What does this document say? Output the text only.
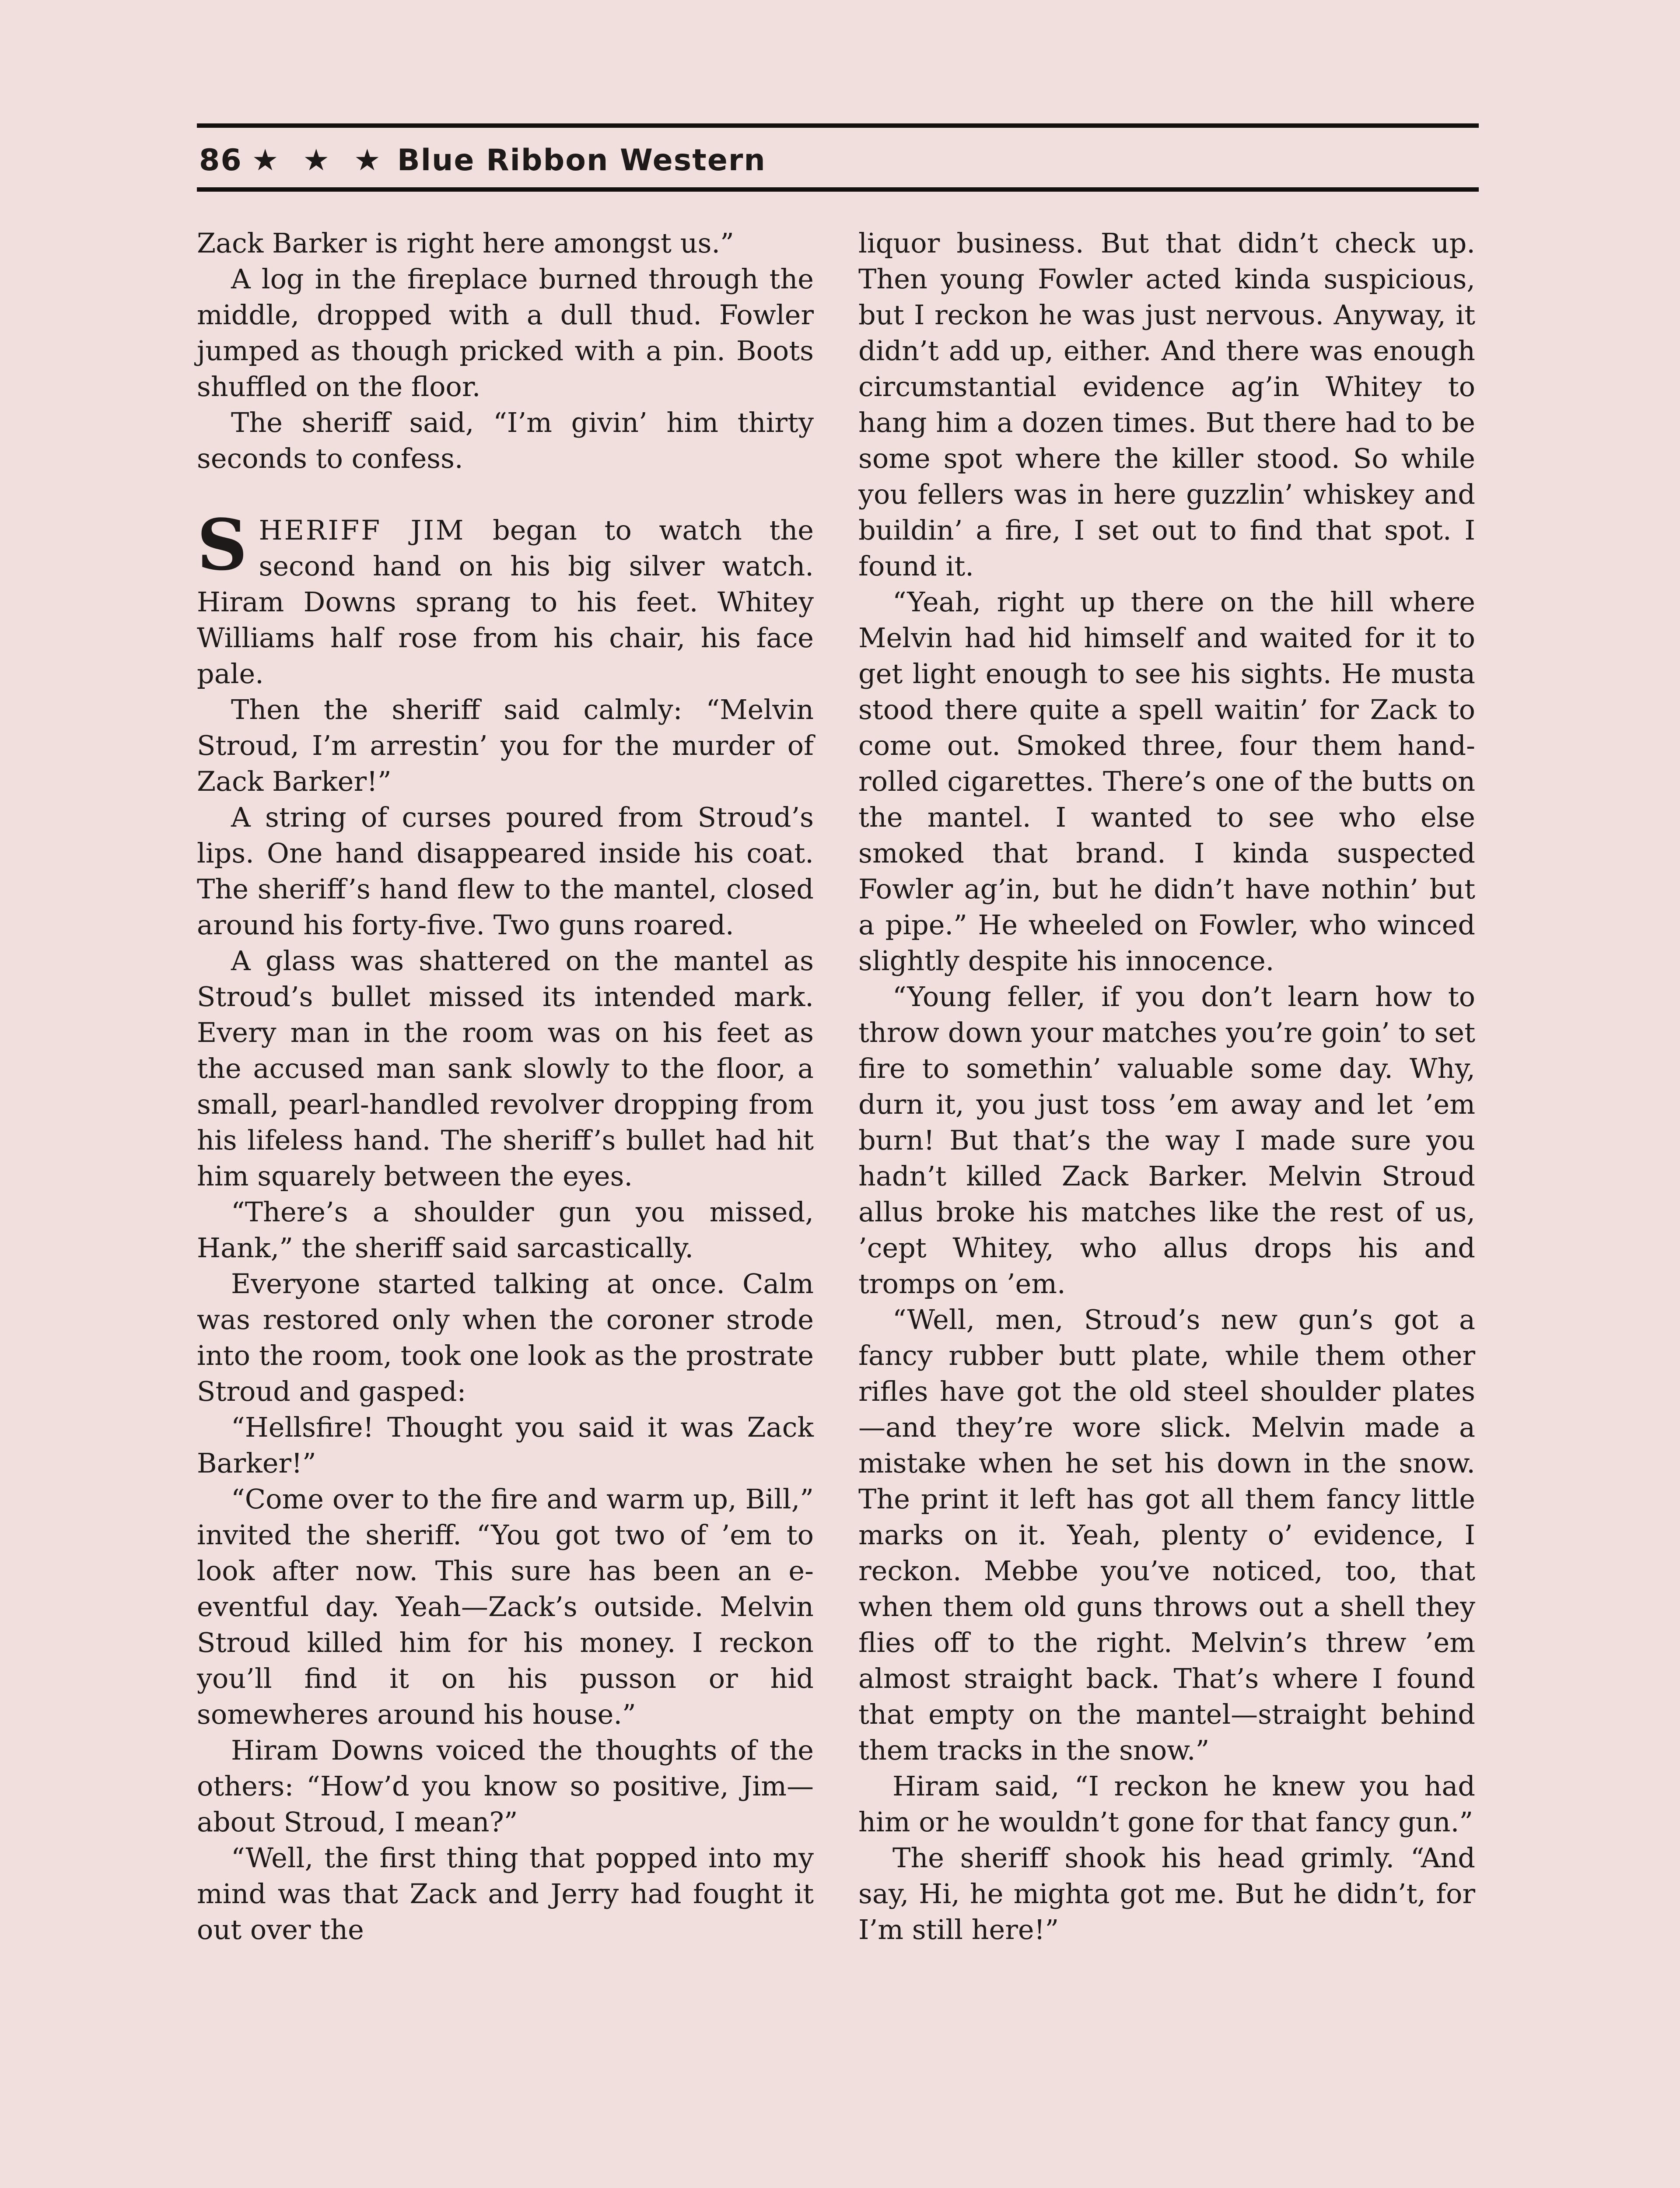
86 ★ ★ ★ Blue Ribbon Western

Zack Barker is right here amongst us.”

A log in the fireplace burned through the middle, dropped with a dull thud. Fowler jumped as though pricked with a pin. Boots shuffled on the floor.

The sheriff said, “I’m givin’ him thirty seconds to confess.

SHERIFF JIM began to watch the second hand on his big silver watch. Hiram Downs sprang to his feet. Whitey Williams half rose from his chair, his face pale.

Then the sheriff said calmly: “Melvin Stroud, I’m arrestin’ you for the murder of Zack Barker!”

A string of curses poured from Stroud’s lips. One hand disappeared inside his coat. The sheriff’s hand flew to the mantel, closed around his forty-five. Two guns roared.

A glass was shattered on the mantel as Stroud’s bullet missed its intended mark. Every man in the room was on his feet as the accused man sank slowly to the floor, a small, pearl-handled revolver dropping from his lifeless hand. The sheriff’s bullet had hit him squarely between the eyes.

“There’s a shoulder gun you missed, Hank,” the sheriff said sarcastically.

Everyone started talking at once. Calm was restored only when the coroner strode into the room, took one look as the prostrate Stroud and gasped:

“Hellsfire! Thought you said it was Zack Barker!”

“Come over to the fire and warm up, Bill,” invited the sheriff. “You got two of ’em to look after now. This sure has been an e-eventful day. Yeah—Zack’s outside. Melvin Stroud killed him for his money. I reckon you’ll find it on his pusson or hid somewheres around his house.”

Hiram Downs voiced the thoughts of the others: “How’d you know so positive, Jim—about Stroud, I mean?”

“Well, the first thing that popped into my mind was that Zack and Jerry had fought it out over the

liquor business. But that didn’t check up. Then young Fowler acted kinda suspicious, but I reckon he was just nervous. Anyway, it didn’t add up, either. And there was enough circumstantial evidence ag’in Whitey to hang him a dozen times. But there had to be some spot where the killer stood. So while you fellers was in here guzzlin’ whiskey and buildin’ a fire, I set out to find that spot. I found it.

“Yeah, right up there on the hill where Melvin had hid himself and waited for it to get light enough to see his sights. He musta stood there quite a spell waitin’ for Zack to come out. Smoked three, four them hand-rolled cigarettes. There’s one of the butts on the mantel. I wanted to see who else smoked that brand. I kinda suspected Fowler ag’in, but he didn’t have nothin’ but a pipe.” He wheeled on Fowler, who winced slightly despite his innocence.

“Young feller, if you don’t learn how to throw down your matches you’re goin’ to set fire to somethin’ valuable some day. Why, durn it, you just toss ’em away and let ’em burn! But that’s the way I made sure you hadn’t killed Zack Barker. Melvin Stroud allus broke his matches like the rest of us, ’cept Whitey, who allus drops his and tromps on ’em.

“Well, men, Stroud’s new gun’s got a fancy rubber butt plate, while them other rifles have got the old steel shoulder plates—and they’re wore slick. Melvin made a mistake when he set his down in the snow. The print it left has got all them fancy little marks on it. Yeah, plenty o’ evidence, I reckon. Mebbe you’ve noticed, too, that when them old guns throws out a shell they flies off to the right. Melvin’s threw ’em almost straight back. That’s where I found that empty on the mantel—straight behind them tracks in the snow.”

Hiram said, “I reckon he knew you had him or he wouldn’t gone for that fancy gun.”

The sheriff shook his head grimly. “And say, Hi, he mighta got me. But he didn’t, for I’m still here!”
